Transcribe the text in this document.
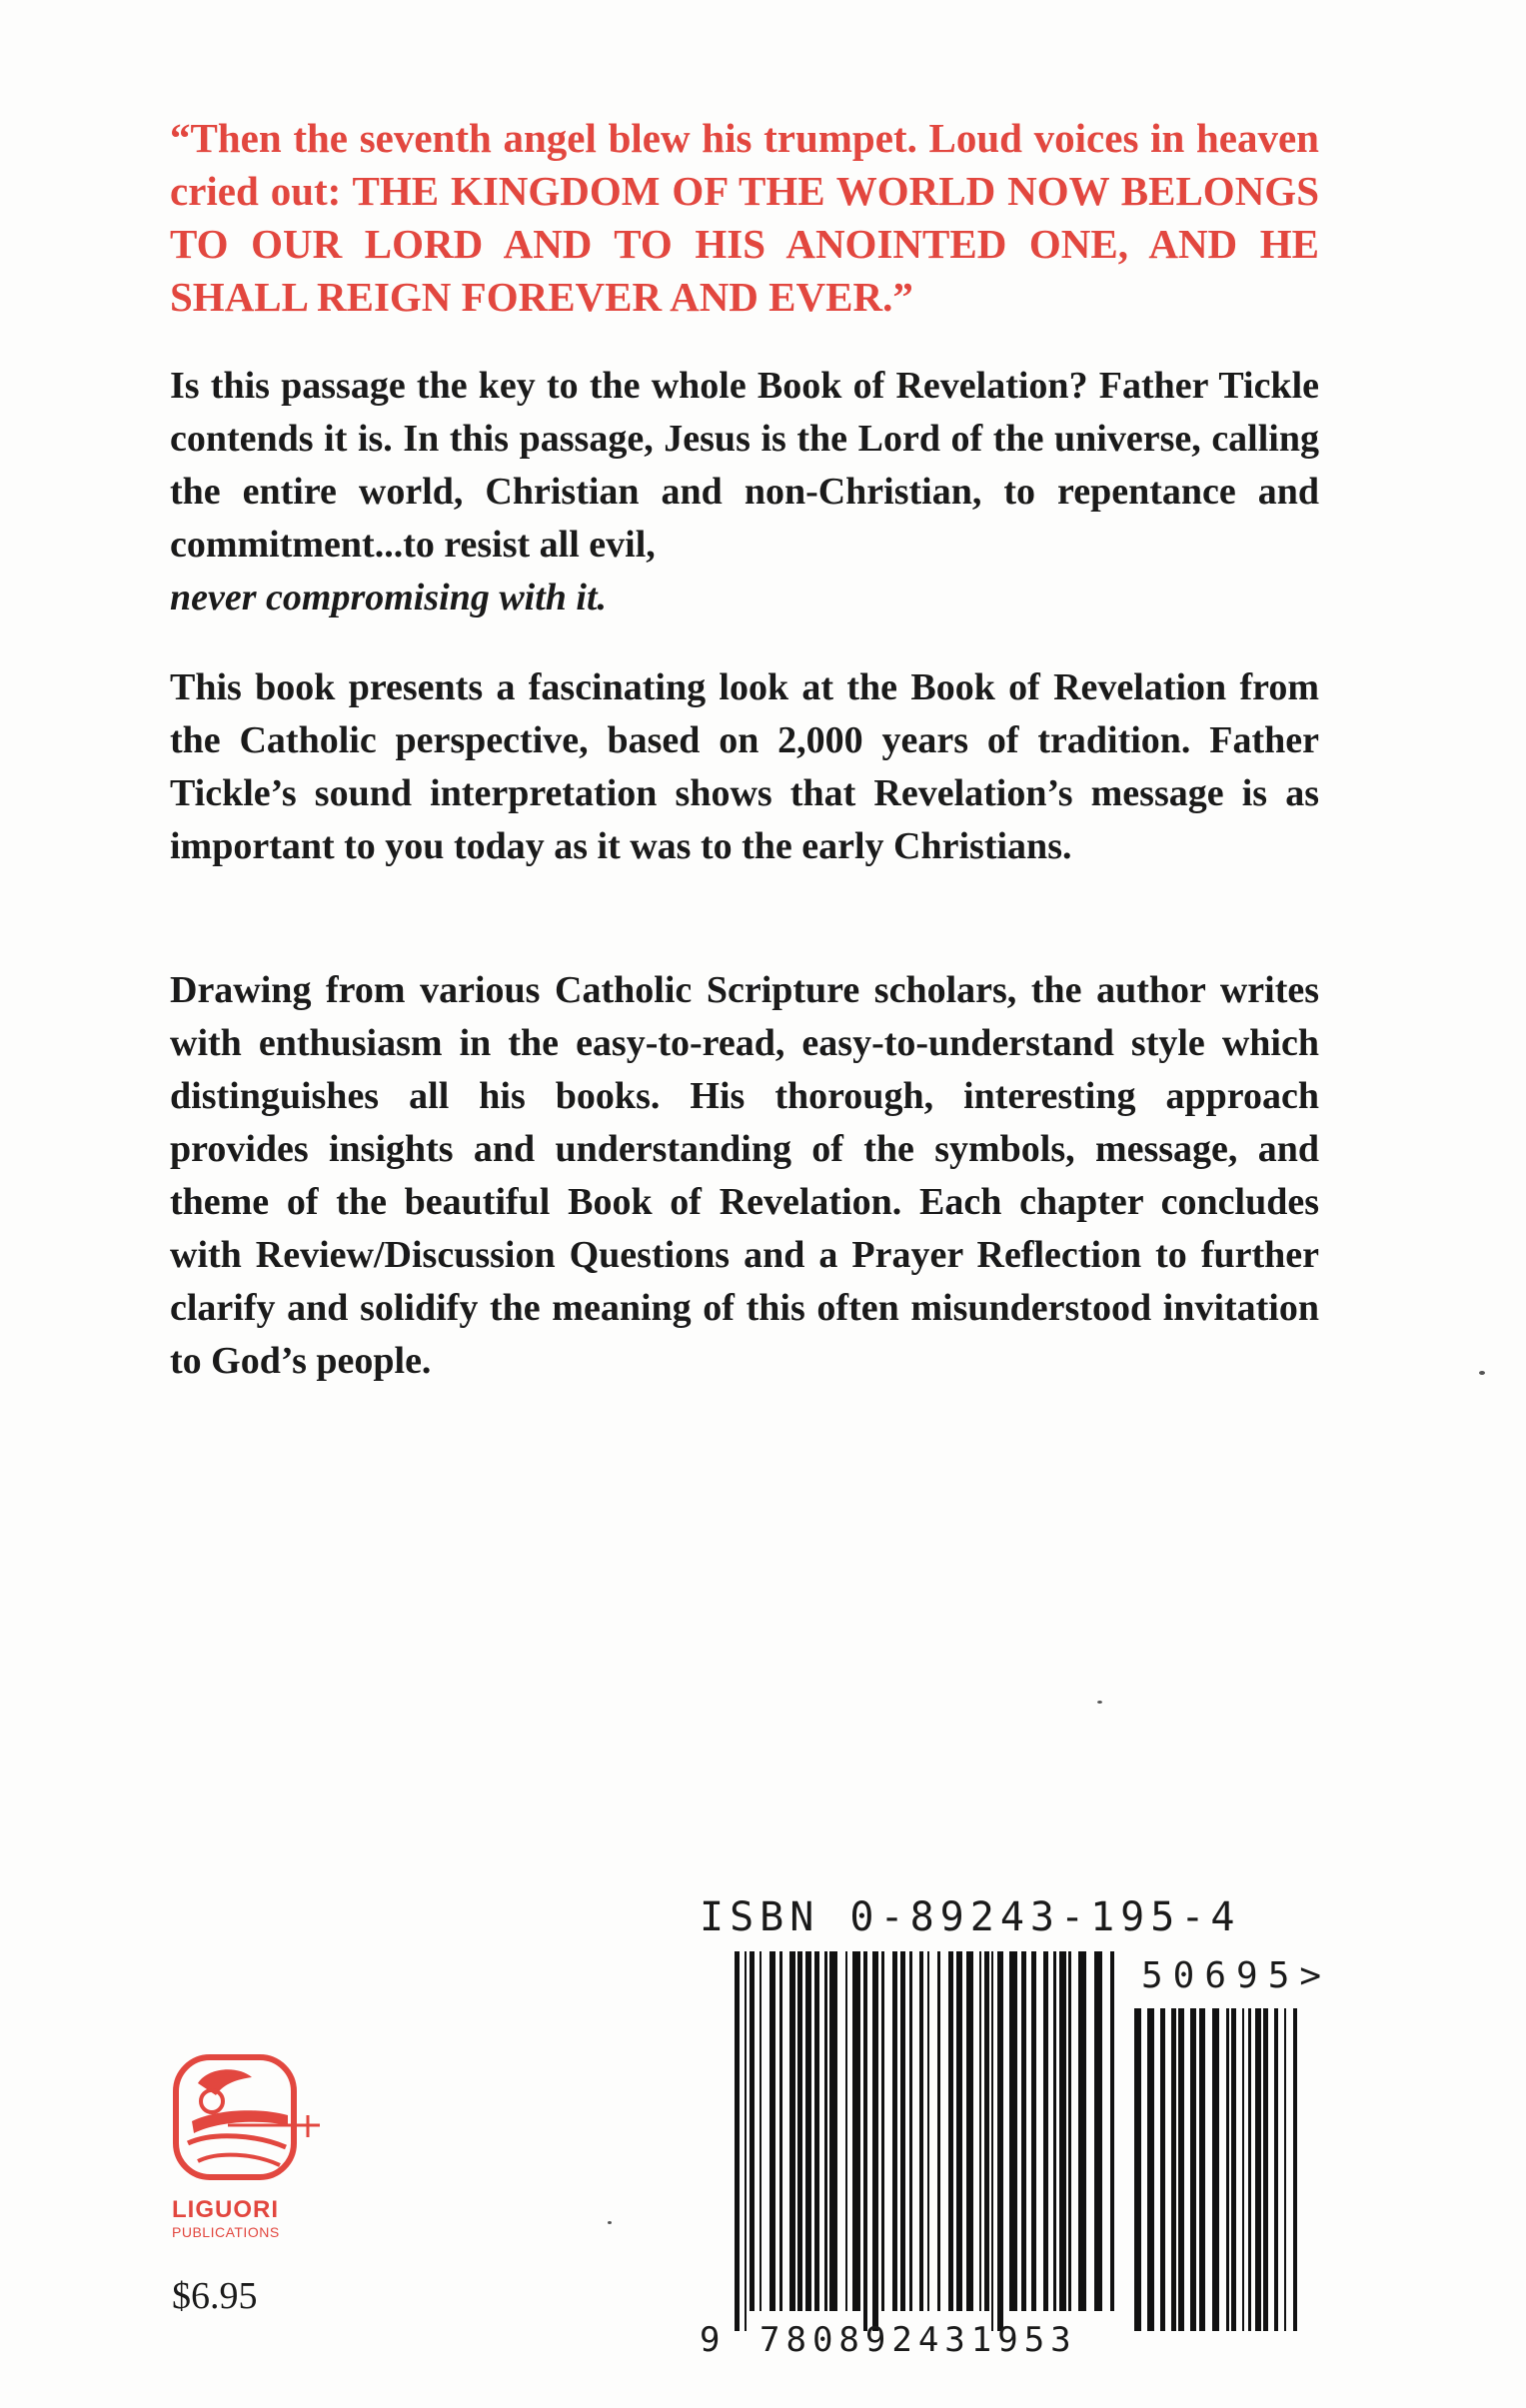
“Then the seventh angel blew his trumpet. Loud voices in heaven cried out: THE KINGDOM OF THE WORLD NOW BELONGS TO OUR LORD AND TO HIS ANOINTED ONE, AND HE SHALL REIGN FOREVER AND EVER.”

Is this passage the key to the whole Book of Revelation? Father Tickle contends it is. In this passage, Jesus is the Lord of the universe, calling the entire world, Christian and non-Christian, to repentance and commitment...to resist all evil,
never compromising with it.

This book presents a fascinating look at the Book of Revelation from the Catholic perspective, based on 2,000 years of tradition. Father Tickle’s sound interpretation shows that Revelation’s message is as important to you today as it was to the early Christians.

Drawing from various Catholic Scripture scholars, the author writes with enthusiasm in the easy-to-read, easy-to-understand style which distinguishes all his books. His thorough, interesting approach provides insights and understanding of the symbols, message, and theme of the beautiful Book of Revelation. Each chapter concludes with Review/Discussion Questions and a Prayer Reflection to further clarify and solidify the meaning of this often misunderstood invitation to God’s people.

LIGUORI
PUBLICATIONS
$6.95
ISBN 0-89243-195-4
50695>
9 780892431953
